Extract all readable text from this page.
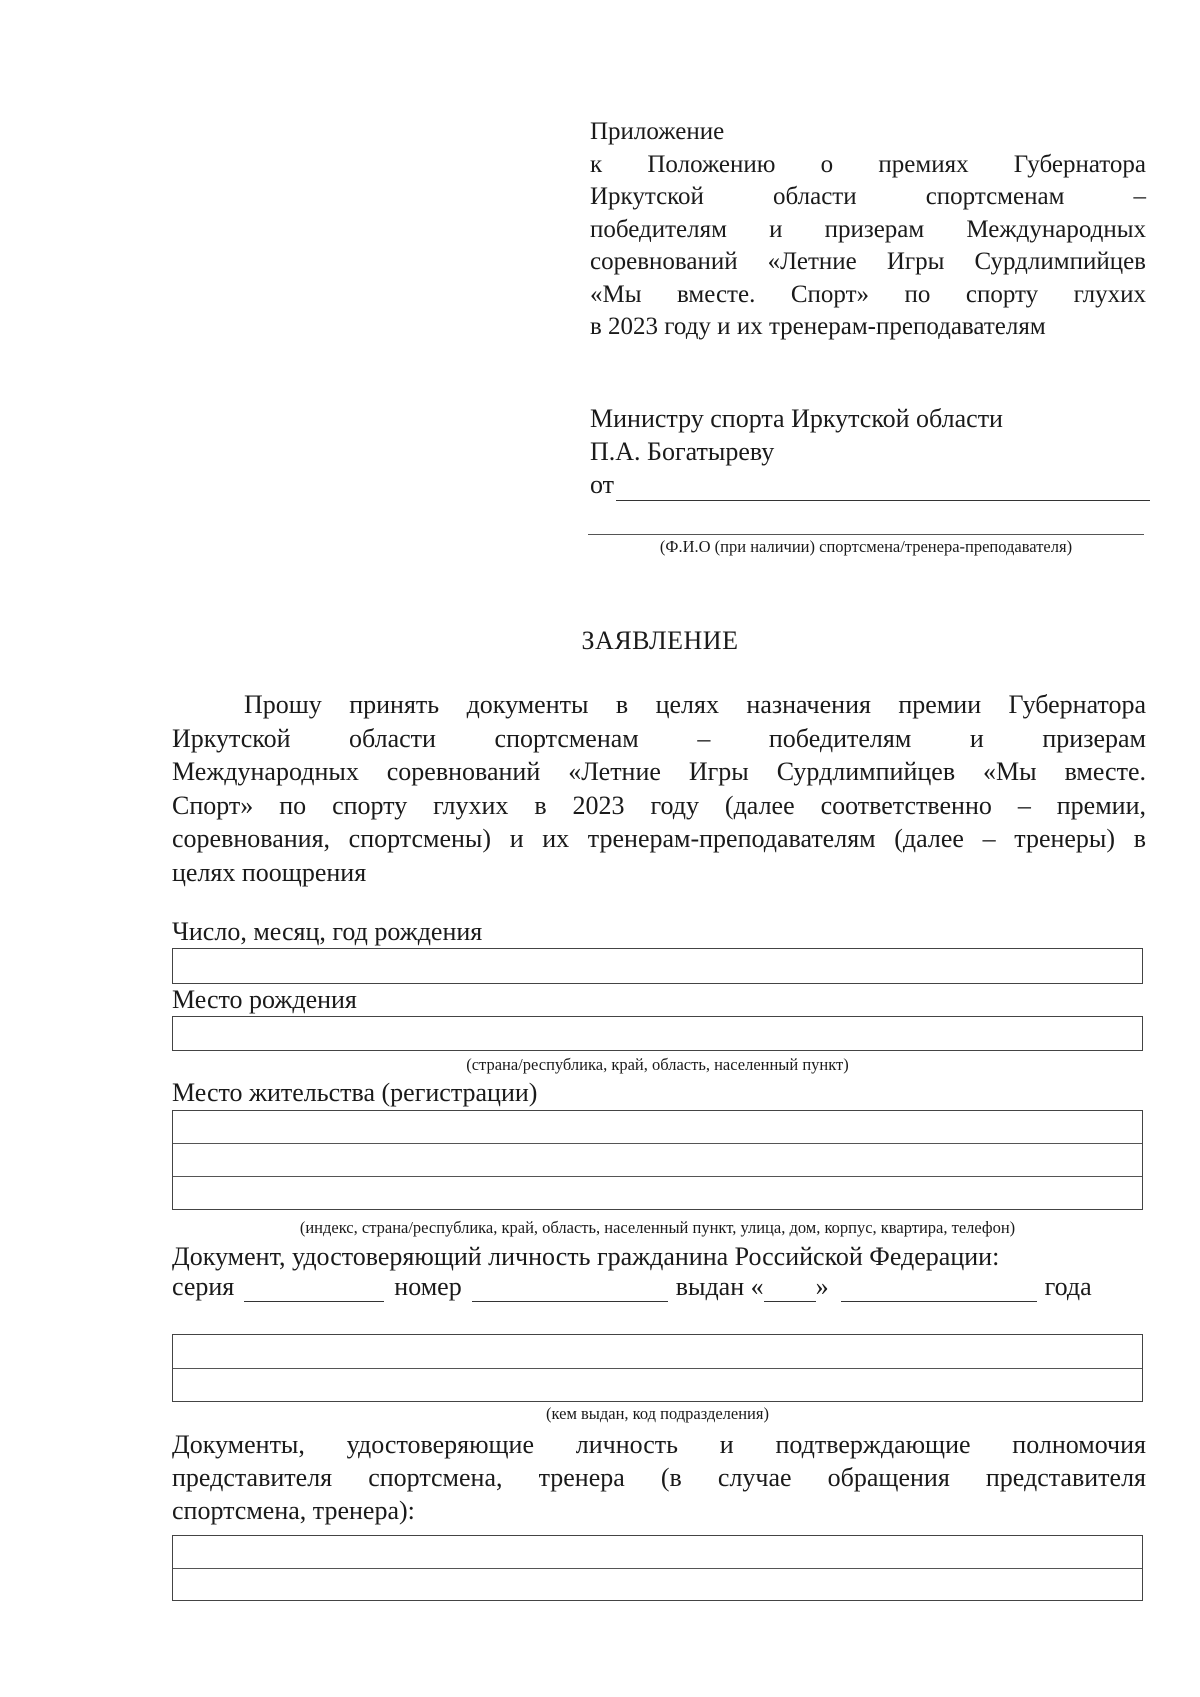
Приложение
к Положению о премиях Губернатора
Иркутской области спортсменам –
победителям и призерам Международных
соревнований «Летние Игры Сурдлимпийцев
«Мы вместе. Спорт» по спорту глухих
в 2023 году и их тренерам-преподавателям
Министру спорта Иркутской области
П.А. Богатыреву
от
(Ф.И.О (при наличии) спортсмена/тренера-преподавателя)
ЗАЯВЛЕНИЕ
Прошу принять документы в целях назначения премии Губернатора
Иркутской области спортсменам – победителям и призерам
Международных соревнований «Летние Игры Сурдлимпийцев «Мы вместе.
Спорт» по спорту глухих в 2023 году (далее соответственно – премии,
соревнования, спортсмены) и их тренерам-преподавателям (далее – тренеры) в
целях поощрения
Число, месяц, год рождения
Место рождения
(страна/республика, край, область, населенный пункт)
Место жительства (регистрации)
(индекс, страна/республика, край, область, населенный пункт, улица, дом, корпус, квартира, телефон)
Документ, удостоверяющий личность гражданина Российской Федерации:
серия	номер	выдан « »	года
(кем выдан, код подразделения)
Документы, удостоверяющие личность и подтверждающие полномочия
представителя спортсмена, тренера (в случае обращения представителя
спортсмена, тренера):
